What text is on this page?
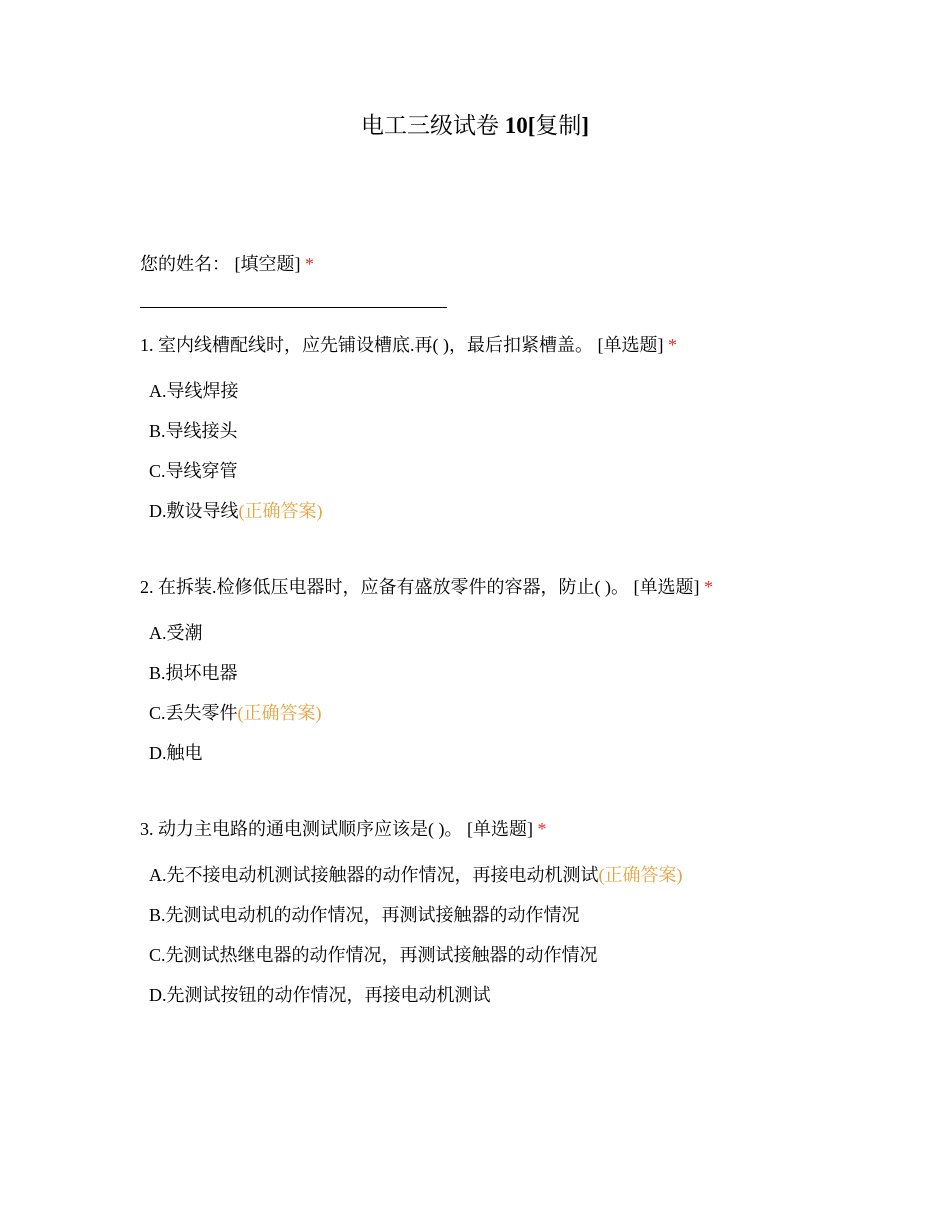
电工三级试卷 10[复制]
您的姓名： [填空题] *
1. 室内线槽配线时，应先铺设槽底.再( )，最后扣紧槽盖。 [单选题] *
A.导线焊接
B.导线接头
C.导线穿管
D.敷设导线(正确答案)
2. 在拆装.检修低压电器时，应备有盛放零件的容器，防止( )。 [单选题] *
A.受潮
B.损坏电器
C.丢失零件(正确答案)
D.触电
3. 动力主电路的通电测试顺序应该是( )。 [单选题] *
A.先不接电动机测试接触器的动作情况，再接电动机测试(正确答案)
B.先测试电动机的动作情况，再测试接触器的动作情况
C.先测试热继电器的动作情况，再测试接触器的动作情况
D.先测试按钮的动作情况，再接电动机测试
